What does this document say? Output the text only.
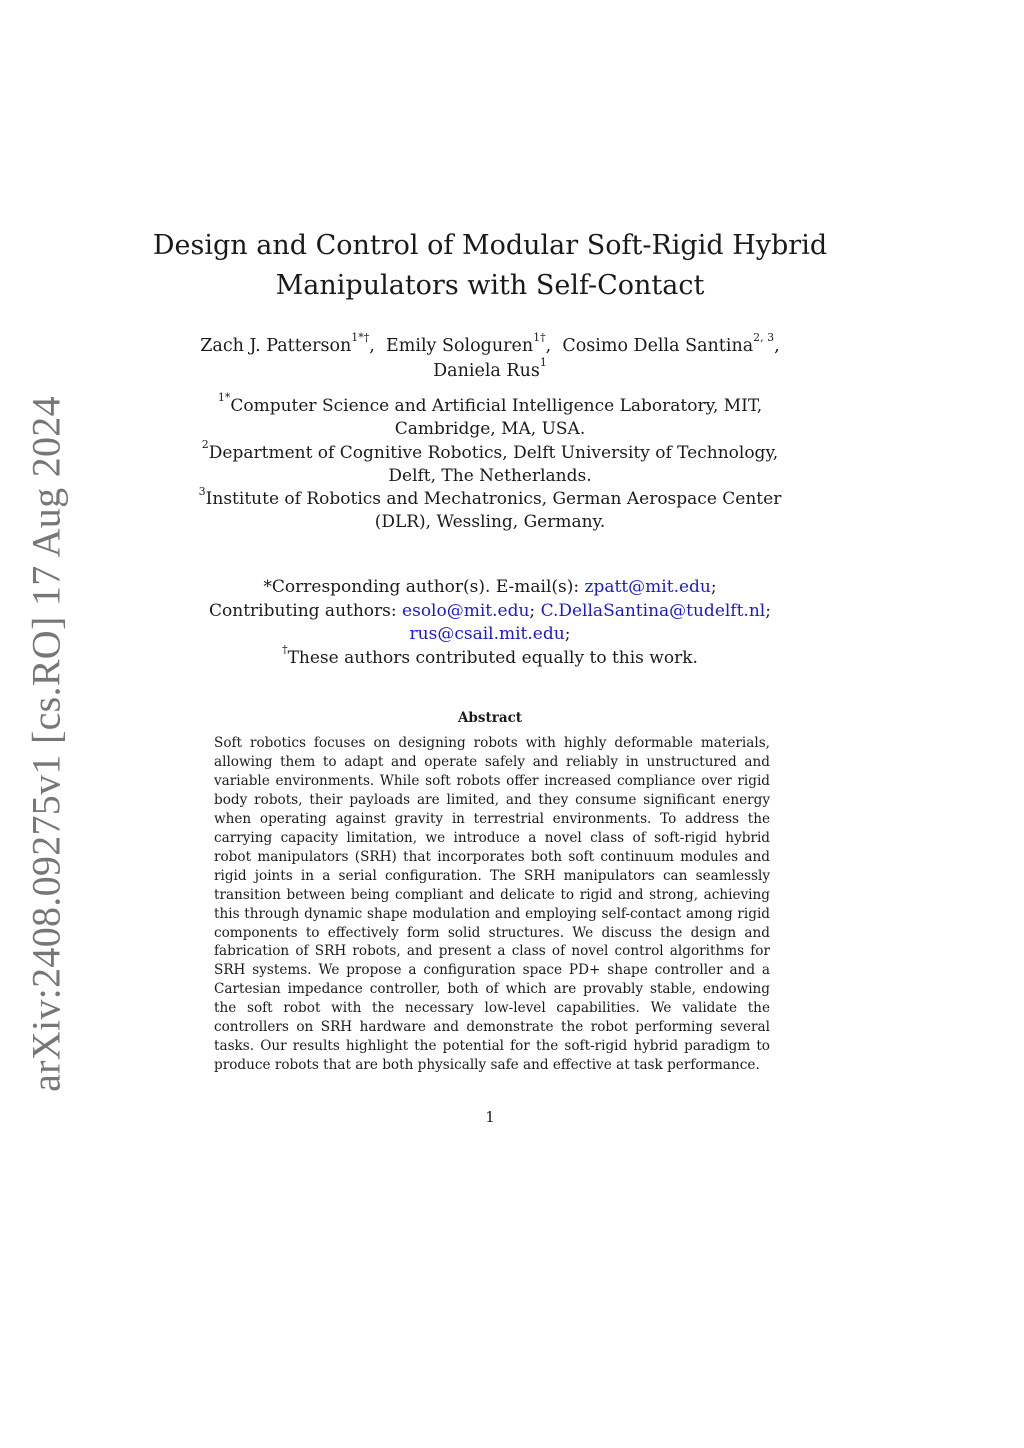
arXiv:2408.09275v1 [cs.RO] 17 Aug 2024
Design and Control of Modular Soft-Rigid Hybrid
Manipulators with Self-Contact
Zach J. Patterson$^{1*\dagger}$, Emily Sologuren$^{1\dagger}$, Cosimo Della Santina$^{2, 3}$,
Daniela Rus$^1$
$^{1*}$Computer Science and Artificial Intelligence Laboratory, MIT,
Cambridge, MA, USA.
$^2$Department of Cognitive Robotics, Delft University of Technology,
Delft, The Netherlands.
$^3$Institute of Robotics and Mechatronics, German Aerospace Center
(DLR), Wessling, Germany.
*Corresponding author(s). E-mail(s): zpatt@mit.edu;
Contributing authors: esolo@mit.edu; C.DellaSantina@tudelft.nl;
rus@csail.mit.edu;
†These authors contributed equally to this work.
Abstract

Soft robotics focuses on designing robots with highly deformable materials, allowing them to adapt and operate safely and reliably in unstructured and variable environments. While soft robots offer increased compliance over rigid body robots, their payloads are limited, and they consume significant energy when operating against gravity in terrestrial environments. To address the carrying capacity limitation, we introduce a novel class of soft-rigid hybrid robot manipulators (SRH) that incorporates both soft continuum modules and rigid joints in a serial configuration. The SRH manipulators can seamlessly transition between being compliant and delicate to rigid and strong, achieving this through dynamic shape modulation and employing self-contact among rigid components to effectively form solid structures. We discuss the design and fabrication of SRH robots, and present a class of novel control algorithms for SRH systems. We propose a configuration space PD+ shape controller and a Cartesian impedance controller, both of which are provably stable, endowing the soft robot with the necessary low-level capabilities. We validate the controllers on SRH hardware and demonstrate the robot performing several tasks. Our results highlight the potential for the soft-rigid hybrid paradigm to produce robots that are both physically safe and effective at task performance.

1
